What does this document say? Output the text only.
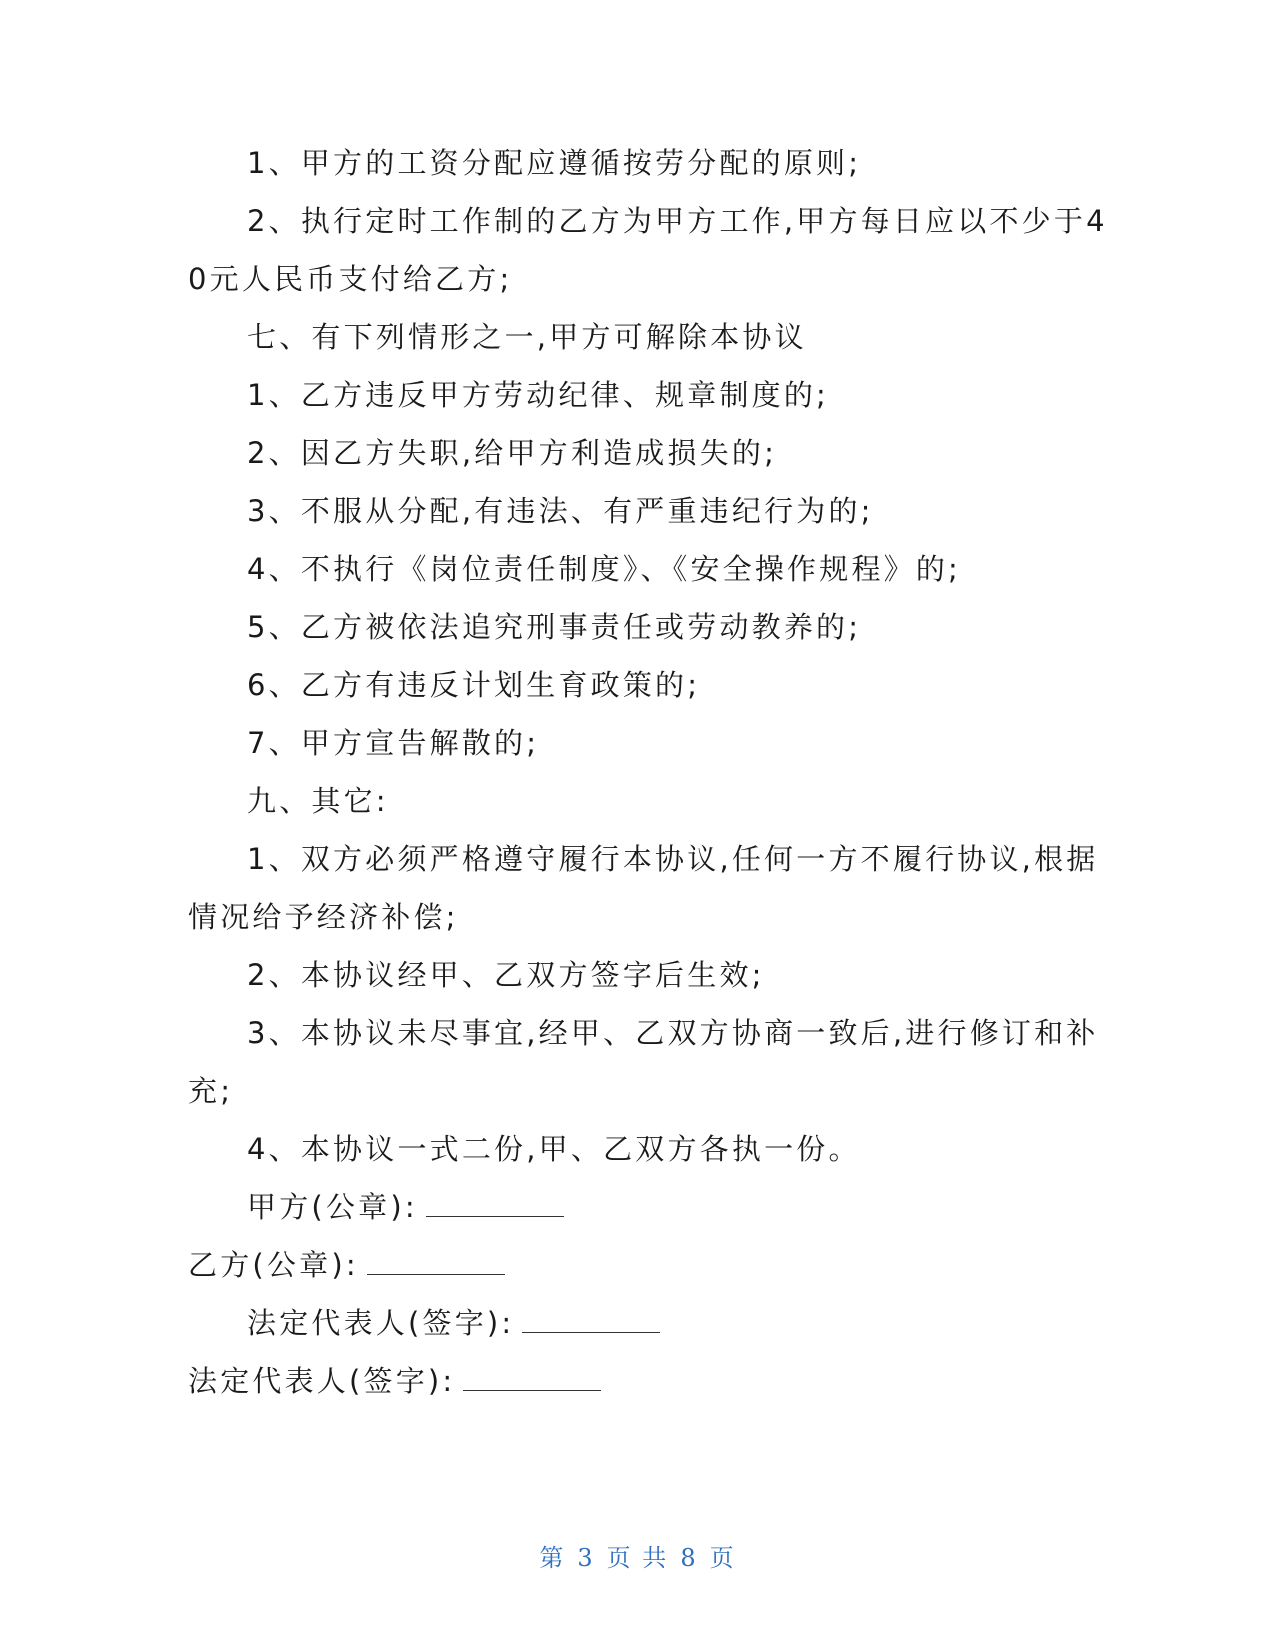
1、甲方的工资分配应遵循按劳分配的原则;
2、执行定时工作制的乙方为甲方工作,甲方每日应以不少于4
0元人民币支付给乙方;
七、有下列情形之一,甲方可解除本协议
1、乙方违反甲方劳动纪律、规章制度的;
2、因乙方失职,给甲方利造成损失的;
3、不服从分配,有违法、有严重违纪行为的;
4、不执行《岗位责任制度》、《安全操作规程》的;
5、乙方被依法追究刑事责任或劳动教养的;
6、乙方有违反计划生育政策的;
7、甲方宣告解散的;
九、其它:
1、双方必须严格遵守履行本协议,任何一方不履行协议,根据
情况给予经济补偿;
2、本协议经甲、乙双方签字后生效;
3、本协议未尽事宜,经甲、乙双方协商一致后,进行修订和补
充;
4、本协议一式二份,甲、乙双方各执一份。
甲方(公章):
乙方(公章):
法定代表人(签字):
法定代表人(签字):
第 3 页 共 8 页
